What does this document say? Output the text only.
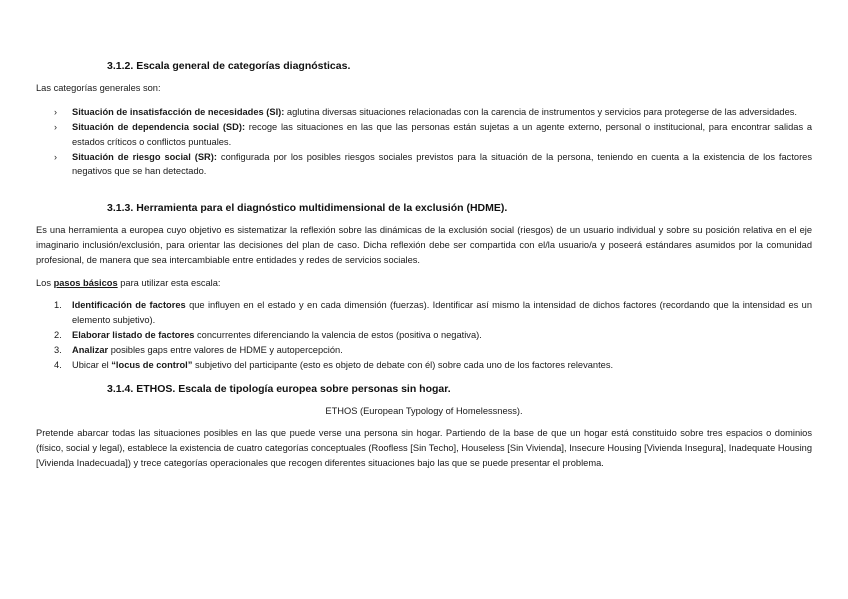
3.1.2. Escala general de categorías diagnósticas.
Las categorías generales son:
› Situación de insatisfacción de necesidades (SI): aglutina diversas situaciones relacionadas con la carencia de instrumentos y servicios para protegerse de las adversidades.
› Situación de dependencia social (SD): recoge las situaciones en las que las personas están sujetas a un agente externo, personal o institucional, para encontrar salidas a estados críticos o conflictos puntuales.
› Situación de riesgo social (SR): configurada por los posibles riesgos sociales previstos para la situación de la persona, teniendo en cuenta a la existencia de los factores negativos que se han detectado.
3.1.3. Herramienta para el diagnóstico multidimensional de la exclusión (HDME).

Es una herramienta a europea cuyo objetivo es sistematizar la reflexión sobre las dinámicas de la exclusión social (riesgos) de un usuario individual y sobre su posición relativa en el eje imaginario inclusión/exclusión, para orientar las decisiones del plan de caso. Dicha reflexión debe ser compartida con el/la usuario/a y poseerá estándares asumidos por la comunidad profesional, de manera que sea intercambiable entre entidades y redes de servicios sociales.

Los pasos básicos para utilizar esta escala:
1. Identificación de factores que influyen en el estado y en cada dimensión (fuerzas). Identificar así mismo la intensidad de dichos factores (recordando que la intensidad es un elemento subjetivo).
2. Elaborar listado de factores concurrentes diferenciando la valencia de estos (positiva o negativa).
3. Analizar posibles gaps entre valores de HDME y autopercepción.
4. Ubicar el “locus de control” subjetivo del participante (esto es objeto de debate con él) sobre cada uno de los factores relevantes.
3.1.4. ETHOS. Escala de tipología europea sobre personas sin hogar.
ETHOS (European Typology of Homelessness).

Pretende abarcar todas las situaciones posibles en las que puede verse una persona sin hogar. Partiendo de la base de que un hogar está constituido sobre tres espacios o dominios (físico, social y legal), establece la existencia de cuatro categorías conceptuales (Roofless [Sin Techo], Houseless [Sin Vivienda], Insecure Housing [Vivienda Insegura], Inadequate Housing [Vivienda Inadecuada]) y trece categorías operacionales que recogen diferentes situaciones bajo las que se puede presentar el problema.
